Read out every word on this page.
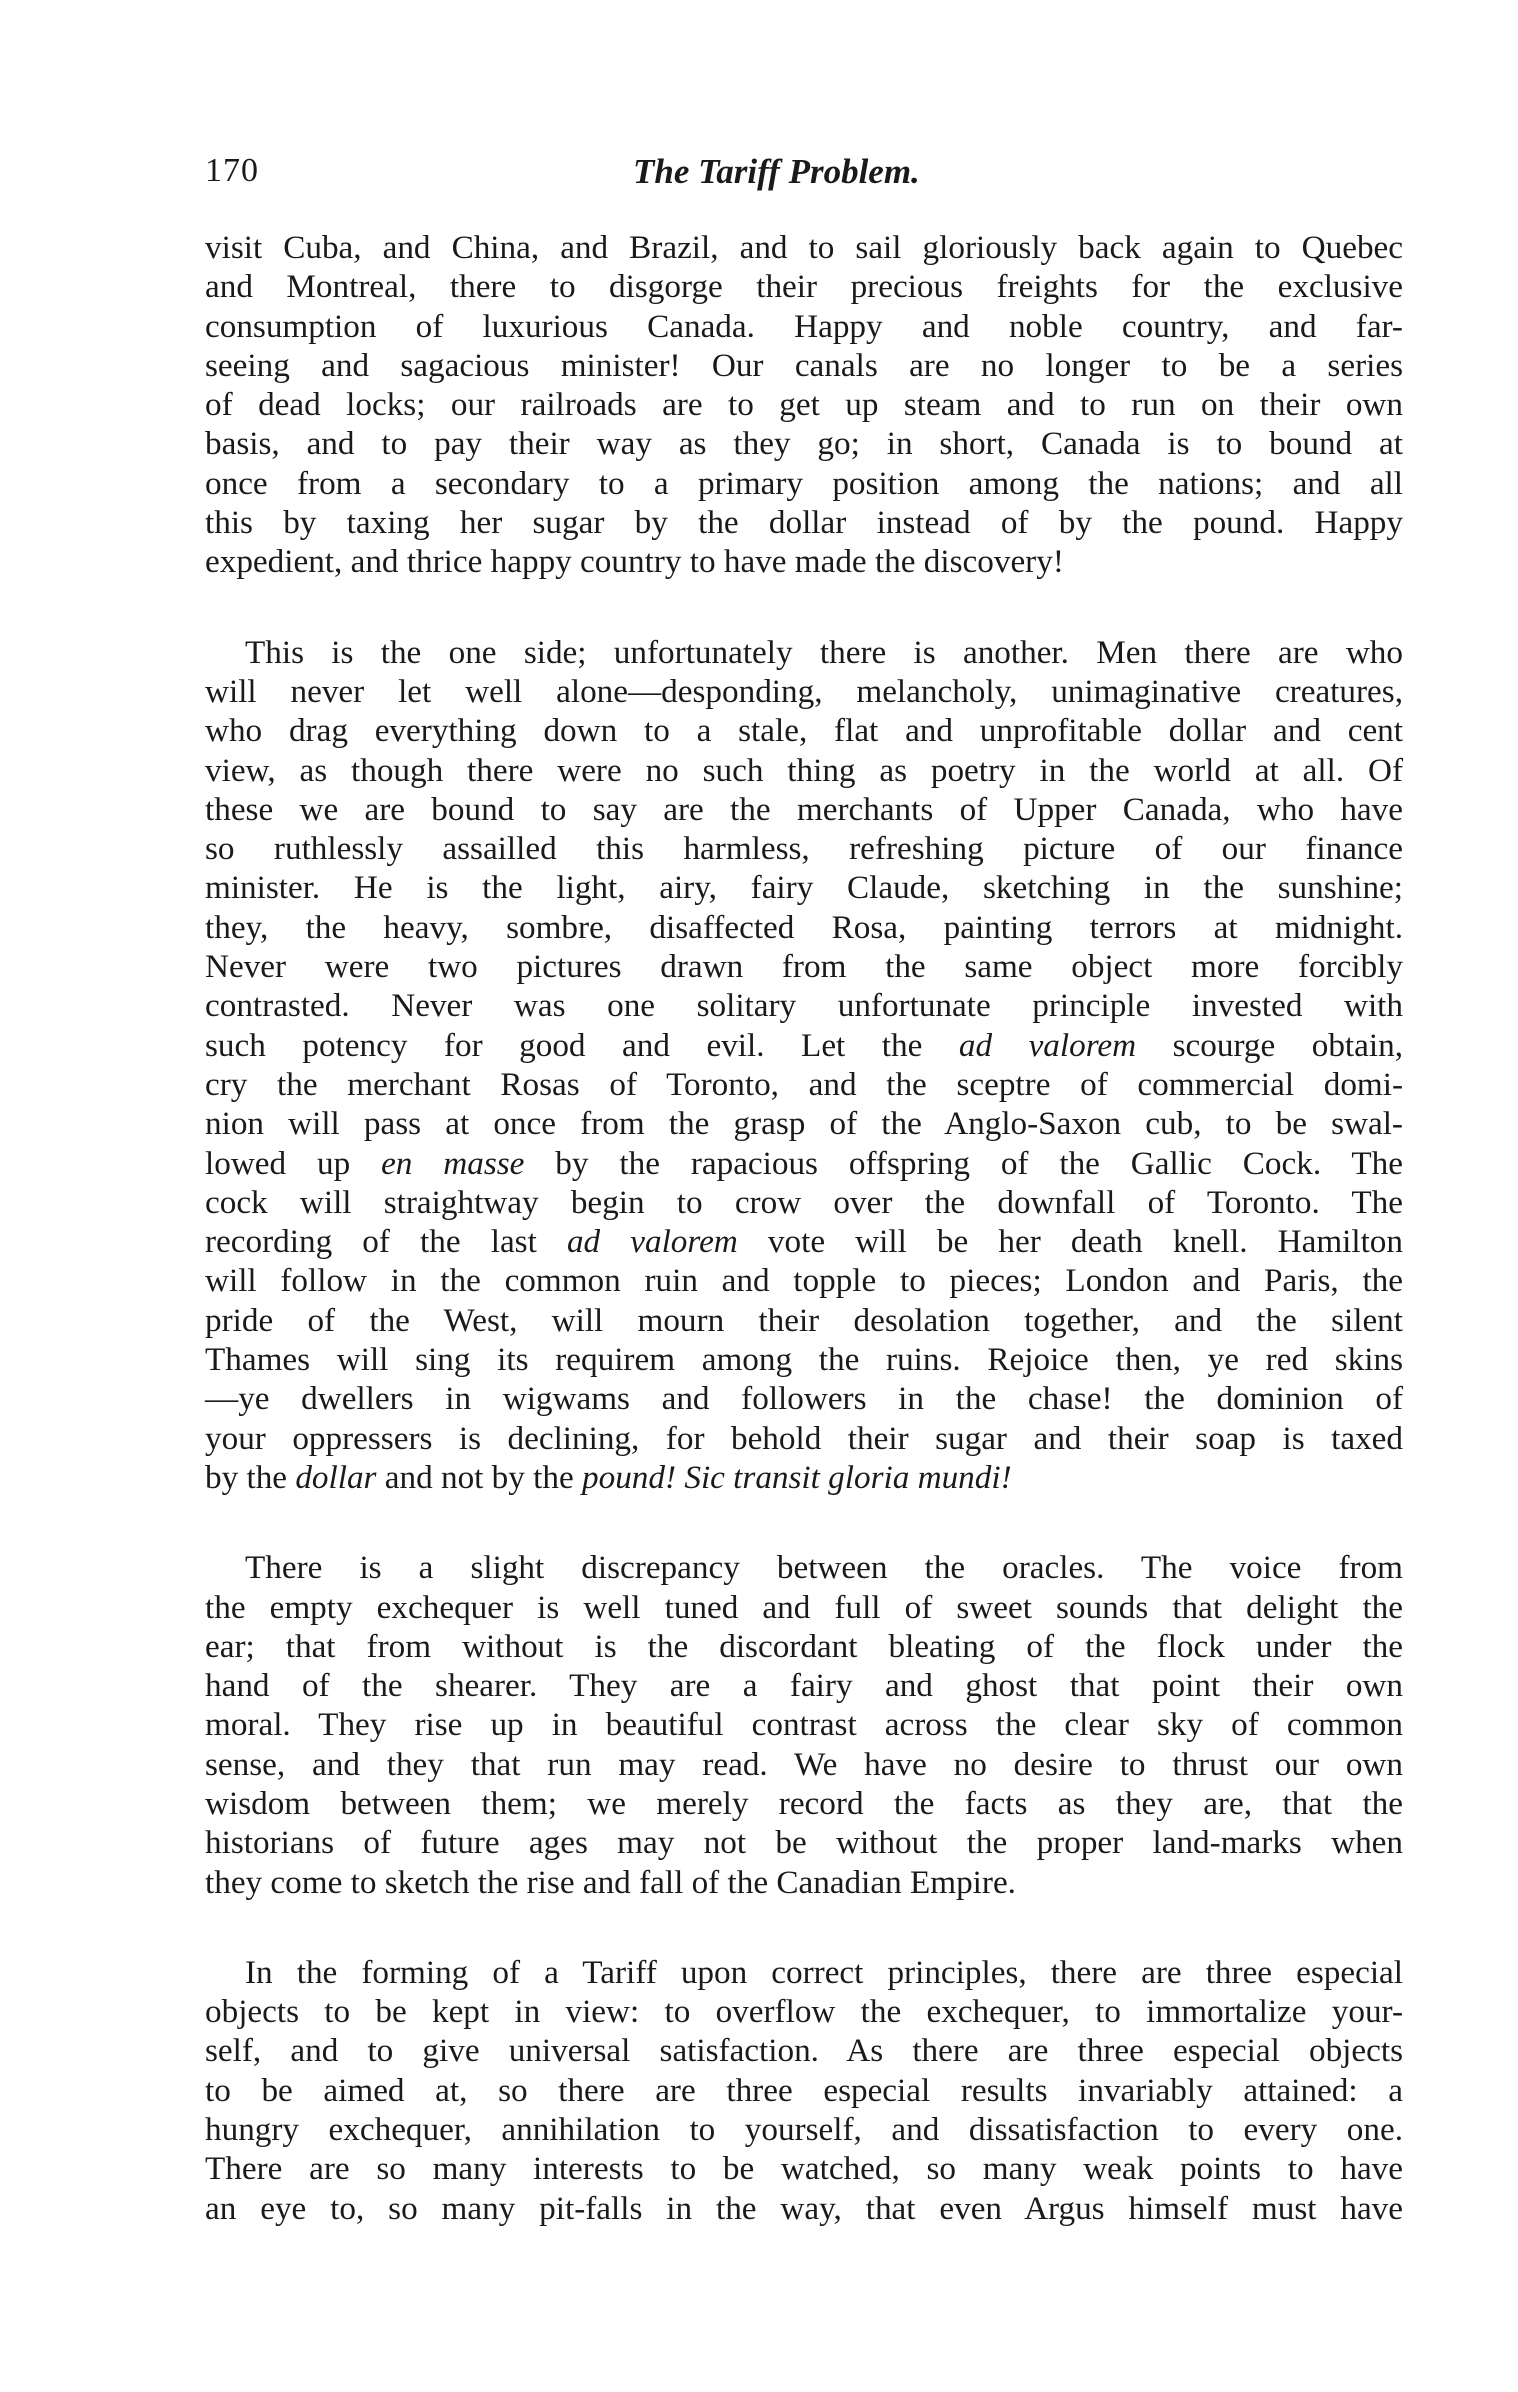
170	The Tariff Problem.

visit Cuba, and China, and Brazil, and to sail gloriously back again to Quebec
and Montreal, there to disgorge their precious freights for the exclusive
consumption of luxurious Canada. Happy and noble country, and far-
seeing and sagacious minister! Our canals are no longer to be a series
of dead locks; our railroads are to get up steam and to run on their own
basis, and to pay their way as they go; in short, Canada is to bound at
once from a secondary to a primary position among the nations; and all
this by taxing her sugar by the dollar instead of by the pound. Happy
expedient, and thrice happy country to have made the discovery!

This is the one side; unfortunately there is another. Men there are who
will never let well alone—desponding, melancholy, unimaginative creatures,
who drag everything down to a stale, flat and unprofitable dollar and cent
view, as though there were no such thing as poetry in the world at all. Of
these we are bound to say are the merchants of Upper Canada, who have
so ruthlessly assailled this harmless, refreshing picture of our finance
minister. He is the light, airy, fairy Claude, sketching in the sunshine;
they, the heavy, sombre, disaffected Rosa, painting terrors at midnight.
Never were two pictures drawn from the same object more forcibly
contrasted. Never was one solitary unfortunate principle invested with
such potency for good and evil. Let the ad valorem scourge obtain,
cry the merchant Rosas of Toronto, and the sceptre of commercial domi-
nion will pass at once from the grasp of the Anglo-Saxon cub, to be swal-
lowed up en masse by the rapacious offspring of the Gallic Cock. The
cock will straightway begin to crow over the downfall of Toronto. The
recording of the last ad valorem vote will be her death knell. Hamilton
will follow in the common ruin and topple to pieces; London and Paris, the
pride of the West, will mourn their desolation together, and the silent
Thames will sing its requirem among the ruins. Rejoice then, ye red skins
—ye dwellers in wigwams and followers in the chase! the dominion of
your oppressers is declining, for behold their sugar and their soap is taxed
by the dollar and not by the pound! Sic transit gloria mundi!

There is a slight discrepancy between the oracles. The voice from
the empty exchequer is well tuned and full of sweet sounds that delight the
ear; that from without is the discordant bleating of the flock under the
hand of the shearer. They are a fairy and ghost that point their own
moral. They rise up in beautiful contrast across the clear sky of common
sense, and they that run may read. We have no desire to thrust our own
wisdom between them; we merely record the facts as they are, that the
historians of future ages may not be without the proper land-marks when
they come to sketch the rise and fall of the Canadian Empire.

In the forming of a Tariff upon correct principles, there are three especial
objects to be kept in view: to overflow the exchequer, to immortalize your-
self, and to give universal satisfaction. As there are three especial objects
to be aimed at, so there are three especial results invariably attained: a
hungry exchequer, annihilation to yourself, and dissatisfaction to every one.
There are so many interests to be watched, so many weak points to have
an eye to, so many pit-falls in the way, that even Argus himself must have
